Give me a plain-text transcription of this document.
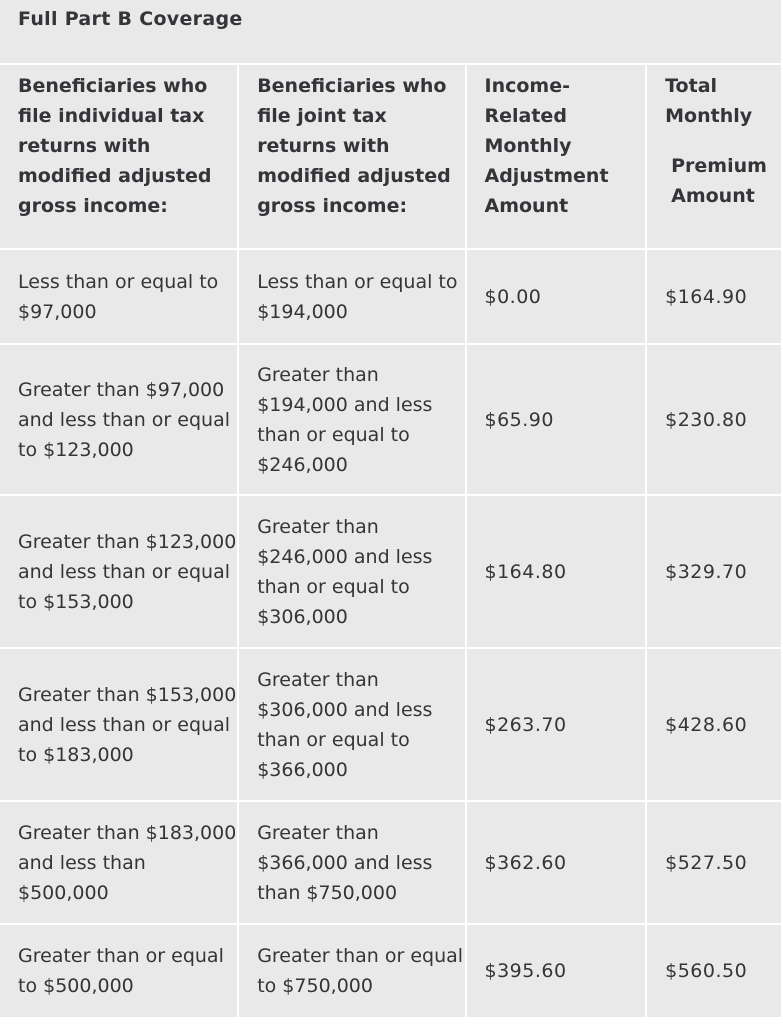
Full Part B Coverage
Beneficiaries who file individual tax returns with modified adjusted gross income:	Beneficiaries who file joint tax returns with modified adjusted gross income:	Income-Related Monthly Adjustment Amount	Total Monthly
Premium Amount

Less than or equal to $97,000	Less than or equal to $194,000	$0.00	$164.90

Greater than $97,000 and less than or equal to $123,000	Greater than $194,000 and less than or equal to $246,000	$65.90	$230.80

Greater than $123,000 and less than or equal to $153,000	Greater than $246,000 and less than or equal to $306,000	$164.80	$329.70

Greater than $153,000 and less than or equal to $183,000	Greater than $306,000 and less than or equal to $366,000	$263.70	$428.60

Greater than $183,000 and less than $500,000	Greater than $366,000 and less than $750,000	$362.60	$527.50

Greater than or equal to $500,000	Greater than or equal to $750,000	$395.60	$560.50
